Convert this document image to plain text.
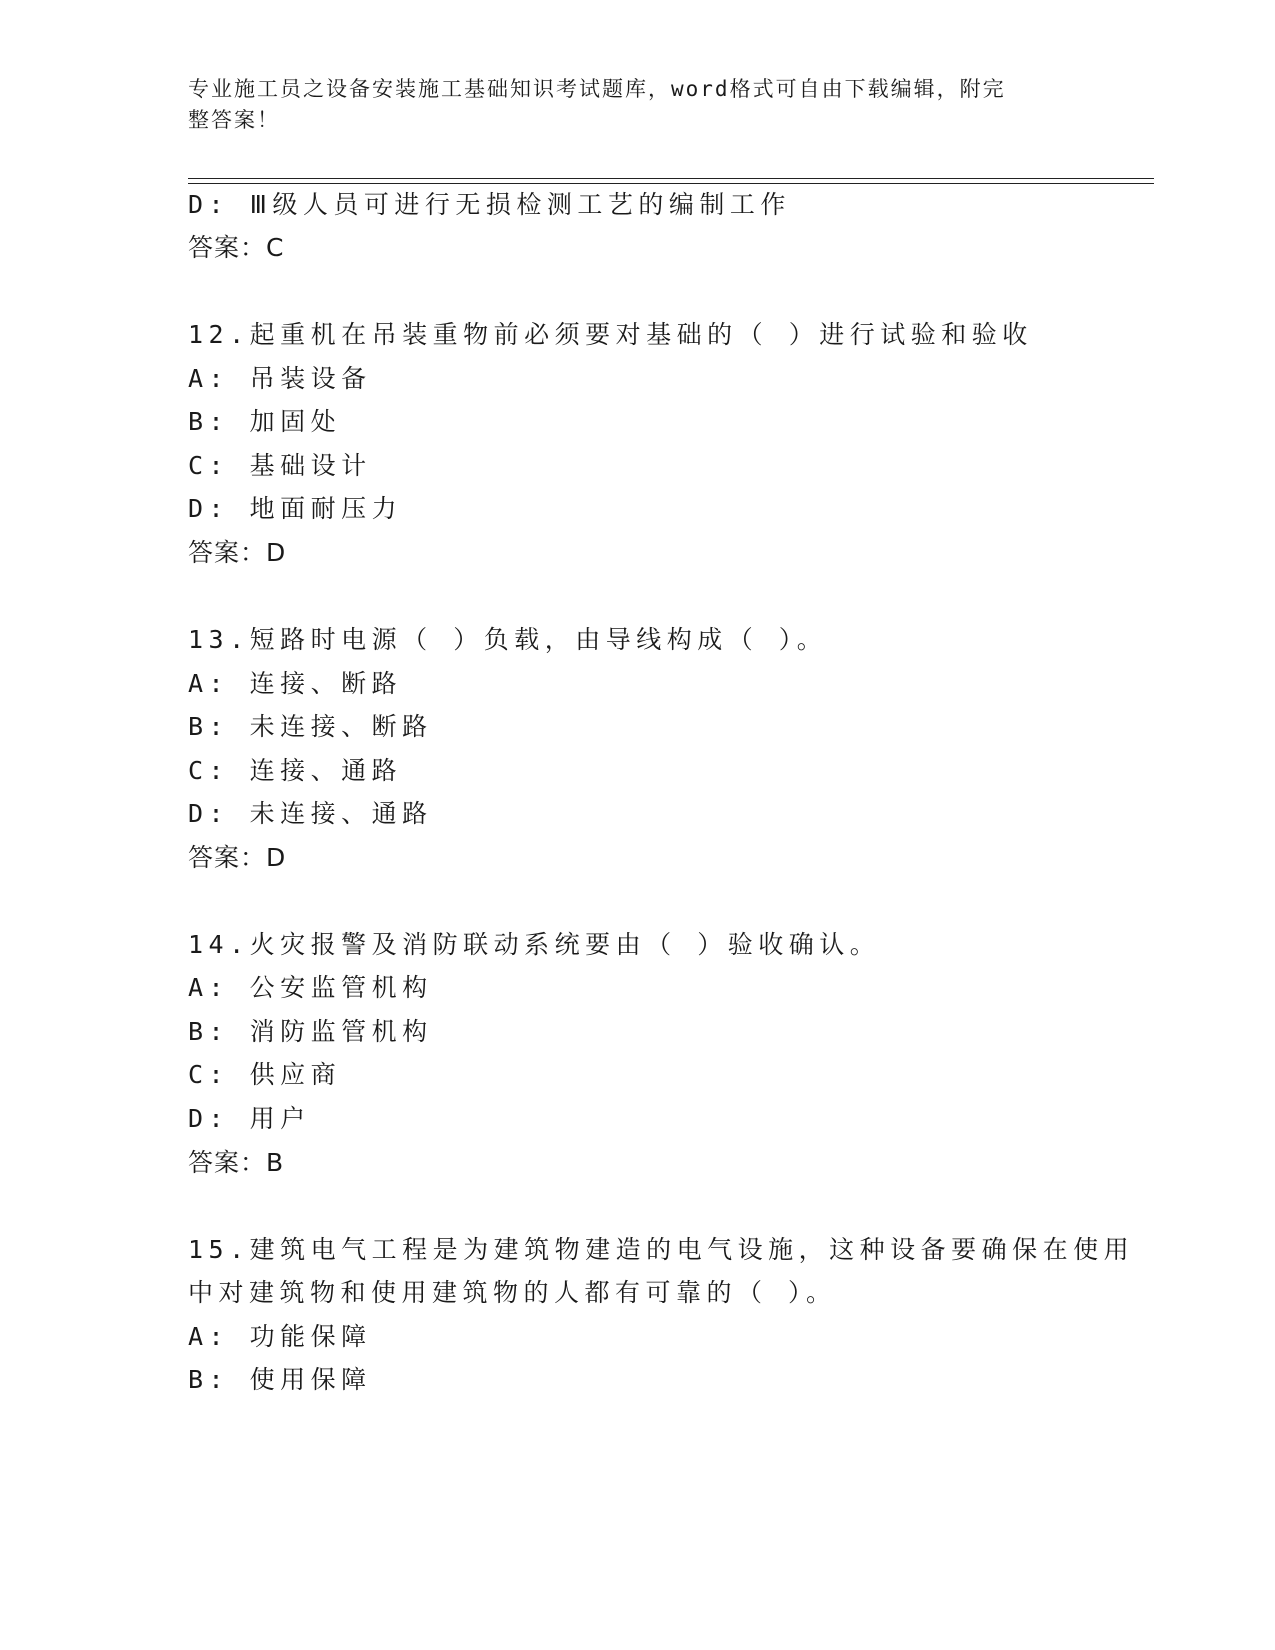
专业施工员之设备安装施工基础知识考试题库，word格式可自由下载编辑，附完
整答案！
D: Ⅲ级人员可进行无损检测工艺的编制工作
答案：C
12.起重机在吊装重物前必须要对基础的（ ）进行试验和验收
A: 吊装设备
B: 加固处
C: 基础设计
D: 地面耐压力
答案：D
13.短路时电源（ ）负载，由导线构成（ ）。
A: 连接、断路
B: 未连接、断路
C: 连接、通路
D: 未连接、通路
答案：D
14.火灾报警及消防联动系统要由（ ）验收确认。
A: 公安监管机构
B: 消防监管机构
C: 供应商
D: 用户
答案：B
15.建筑电气工程是为建筑物建造的电气设施，这种设备要确保在使用
中对建筑物和使用建筑物的人都有可靠的（ ）。
A: 功能保障
B: 使用保障
